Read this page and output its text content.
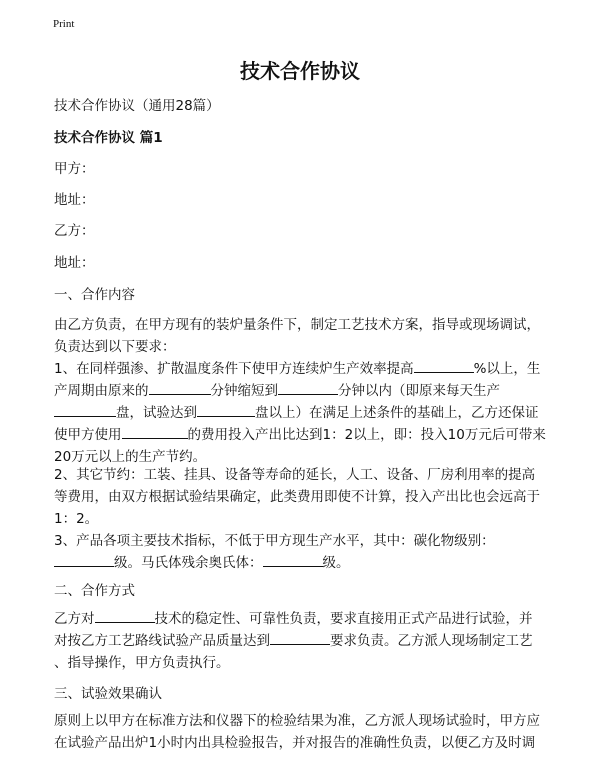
Print
技术合作协议
技术合作协议（通用28篇）
技术合作协议 篇1
甲方：
地址：
乙方：
地址：
一、合作内容
由乙方负责，在甲方现有的装炉量条件下，制定工艺技术方案，指导或现场调试，
负责达到以下要求：
1、在同样强渗、扩散温度条件下使甲方连续炉生产效率提高	%以上，生
产周期由原来的	分钟缩短到	分钟以内（即原来每天生产
盘，试验达到	盘以上）在满足上述条件的基础上，乙方还保证
使甲方使用	的费用投入产出比达到1：2以上，即：投入10万元后可带来
20万元以上的生产节约。
2、其它节约：工装、挂具、设备等寿命的延长，人工、设备、厂房利用率的提高
等费用，由双方根据试验结果确定，此类费用即使不计算，投入产出比也会远高于
1：2。
3、产品各项主要技术指标，不低于甲方现生产水平，其中：碳化物级别：
级。马氏体残余奥氏体：	级。
二、合作方式
乙方对	技术的稳定性、可靠性负责，要求直接用正式产品进行试验，并
对按乙方工艺路线试验产品质量达到	要求负责。乙方派人现场制定工艺
、指导操作，甲方负责执行。
三、试验效果确认
原则上以甲方在标准方法和仪器下的检验结果为准，乙方派人现场试验时，甲方应
在试验产品出炉1小时内出具检验报告，并对报告的准确性负责，以便乙方及时调
